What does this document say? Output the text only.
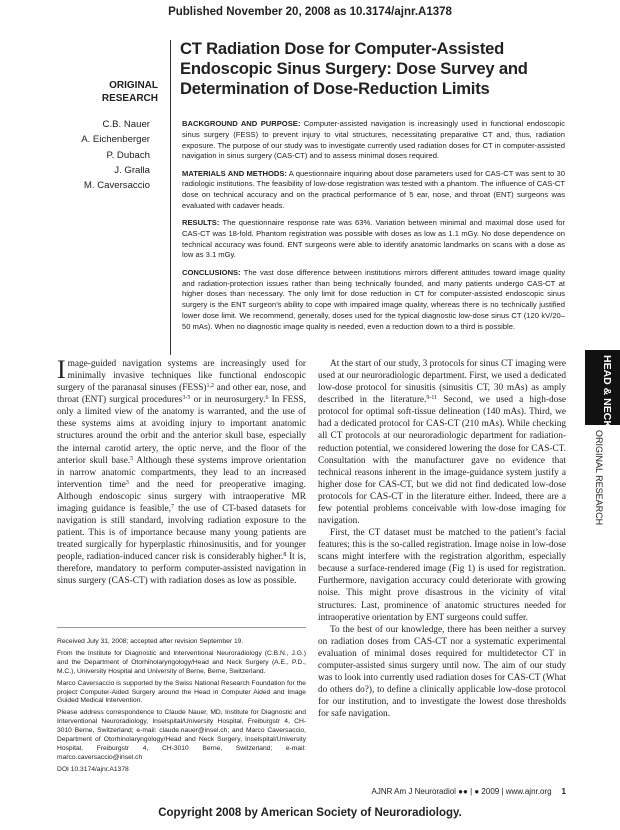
Published November 20, 2008 as 10.3174/ajnr.A1378
ORIGINAL
RESEARCH
C.B. Nauer
A. Eichenberger
P. Dubach
J. Gralla
M. Caversaccio
CT Radiation Dose for Computer-Assisted
Endoscopic Sinus Surgery: Dose Survey and
Determination of Dose-Reduction Limits

BACKGROUND AND PURPOSE: Computer-assisted navigation is increasingly used in functional endoscopic sinus surgery (FESS) to prevent injury to vital structures, necessitating preparative CT and, thus, radiation exposure. The purpose of our study was to investigate currently used radiation doses for CT in computer-assisted navigation in sinus surgery (CAS-CT) and to assess minimal doses required.

MATERIALS AND METHODS: A questionnaire inquiring about dose parameters used for CAS-CT was sent to 30 radiologic institutions. The feasibility of low-dose registration was tested with a phantom. The influence of CAS-CT dose on technical accuracy and on the practical performance of 5 ear, nose, and throat (ENT) surgeons was evaluated with cadaver heads.

RESULTS: The questionnaire response rate was 63%. Variation between minimal and maximal dose used for CAS-CT was 18-fold. Phantom registration was possible with doses as low as 1.1 mGy. No dose dependence on technical accuracy was found. ENT surgeons were able to identify anatomic landmarks on scans with a dose as low as 3.1 mGy.

CONCLUSIONS: The vast dose difference between institutions mirrors different attitudes toward image quality and radiation-protection issues rather than being technically founded, and many patients undergo CAS-CT at higher doses than necessary. The only limit for dose reduction in CT for computer-assisted endoscopic sinus surgery is the ENT surgeon’s ability to cope with impaired image quality, whereas there is no technically justified lower dose limit. We recommend, generally, doses used for the typical diagnostic low-dose sinus CT (120 kV/20–50 mAs). When no diagnostic image quality is needed, even a reduction down to a third is possible.

Image-guided navigation systems are increasingly used for minimally invasive techniques like functional endoscopic surgery of the paranasal sinuses (FESS)$^{1,2}$ and other ear, nose, and throat (ENT) surgical procedures$^{3-5}$ or in neurosurgery.$^6$ In FESS, only a limited view of the anatomy is warranted, and the use of these systems aims at avoiding injury to important anatomic structures around the orbit and the anterior skull base, especially the internal carotid artery, the optic nerve, and the floor of the anterior skull base.$^5$ Although these systems improve orientation in narrow anatomic compartments, they lead to an increased intervention time$^3$ and the need for preoperative imaging. Although endoscopic sinus surgery with intraoperative MR imaging guidance is feasible,$^7$ the use of CT-based datasets for navigation is still standard, involving radiation exposure to the patient. This is of importance because many young patients are treated surgically for hyperplastic rhinosinusitis, and for younger people, radiation-induced cancer risk is considerably higher.$^8$ It is, therefore, mandatory to perform computer-assisted navigation in sinus surgery (CAS-CT) with radiation doses as low as possible.

Received July 31, 2008; accepted after revision September 19.

From the Institute for Diagnostic and Interventional Neuroradiology (C.B.N., J.G.) and the Department of Otorhinolaryngology/Head and Neck Surgery (A.E., P.D., M.C.), University Hospital and University of Berne, Berne, Switzerland.

Marco Caversaccio is supported by the Swiss National Research Foundation for the project Computer-Aided Surgery around the Head in Computer Aided and Image Guided Medical Intervention.

Please address correspondence to Claude Nauer, MD, Institute for Diagnostic and Interventional Neuroradiology, Inselspital/University Hospital, Freiburgstr 4, CH-3010 Berne, Switzerland; e-mail: claude.nauer@insel.ch; and Marco Caversaccio, Department of Otorhinolaryngology/Head and Neck Surgery, Inselspital/University Hospital, Freiburgstr 4, CH-3010 Berne, Switzerland; e-mail: marco.caversaccio@insel.ch

DOI 10.3174/ajnr.A1378

At the start of our study, 3 protocols for sinus CT imaging were used at our neuroradiologic department. First, we used a dedicated low-dose protocol for sinusitis (sinusitis CT, 30 mAs) as amply described in the literature.$^{9-11}$ Second, we used a high-dose protocol for optimal soft-tissue delineation (140 mAs). Third, we had a dedicated protocol for CAS-CT (210 mAs). While checking all CT protocols at our neuroradiologic department for radiation-reduction potential, we considered lowering the dose for CAS-CT. Consultation with the manufacturer gave no evidence that technical reasons inherent in the image-guidance system justify a higher dose for CAS-CT, but we did not find dedicated low-dose protocols for CAS-CT in the literature either. Indeed, there are a few potential problems conceivable with low-dose imaging for navigation.

First, the CT dataset must be matched to the patient’s facial features; this is the so-called registration. Image noise in low-dose scans might interfere with the registration algorithm, especially because a surface-rendered image (Fig 1) is used for registration. Furthermore, navigation accuracy could deteriorate with growing noise. This might prove disastrous in the vicinity of vital structures. Last, prominence of anatomic structures needed for intraoperative orientation by ENT surgeons could suffer.

To the best of our knowledge, there has been neither a survey on radiation doses from CAS-CT nor a systematic experimental evaluation of minimal doses required for multidetector CT in computer-assisted sinus surgery until now. The aim of our study was to look into currently used radiation doses for CAS-CT (What do others do?), to define a clinically applicable low-dose protocol for our institution, and to investigate the lowest dose thresholds for safe navigation.

HEAD & NECK
ORIGINAL RESEARCH
AJNR Am J Neuroradiol ●● | ● 2009 | www.ajnr.org 1
Copyright 2008 by American Society of Neuroradiology.
